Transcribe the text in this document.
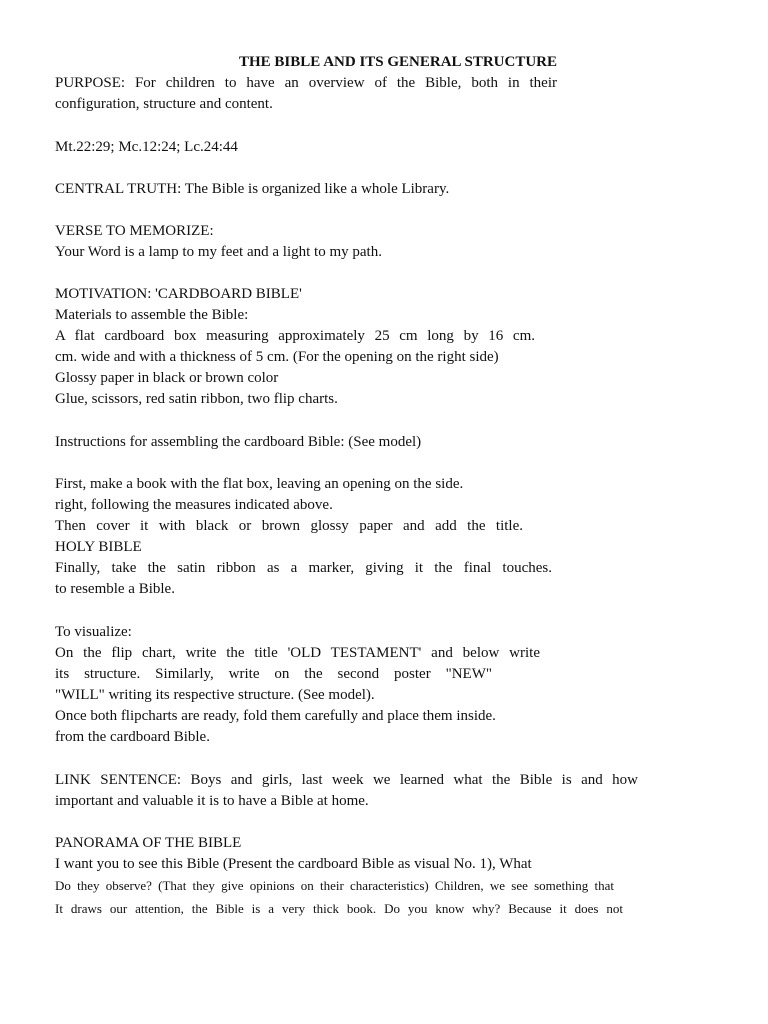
THE BIBLE AND ITS GENERAL STRUCTURE
PURPOSE: For children to have an overview of the Bible, both in their
configuration, structure and content.
Mt.22:29; Mc.12:24; Lc.24:44
CENTRAL TRUTH: The Bible is organized like a whole Library.
VERSE TO MEMORIZE:
Your Word is a lamp to my feet and a light to my path.
MOTIVATION: 'CARDBOARD BIBLE'
Materials to assemble the Bible:
A flat cardboard box measuring approximately 25 cm long by 16 cm.
cm. wide and with a thickness of 5 cm. (For the opening on the right side)
Glossy paper in black or brown color
Glue, scissors, red satin ribbon, two flip charts.
Instructions for assembling the cardboard Bible: (See model)
First, make a book with the flat box, leaving an opening on the side.
right, following the measures indicated above.
Then cover it with black or brown glossy paper and add the title.
HOLY BIBLE
Finally, take the satin ribbon as a marker, giving it the final touches.
to resemble a Bible.
To visualize:
On the flip chart, write the title 'OLD TESTAMENT' and below write
its structure. Similarly, write on the second poster "NEW"
"WILL" writing its respective structure. (See model).
Once both flipcharts are ready, fold them carefully and place them inside.
from the cardboard Bible.
LINK SENTENCE: Boys and girls, last week we learned what the Bible is and how
important and valuable it is to have a Bible at home.
PANORAMA OF THE BIBLE
I want you to see this Bible (Present the cardboard Bible as visual No. 1), What
Do they observe? (That they give opinions on their characteristics) Children, we see something that
It draws our attention, the Bible is a very thick book. Do you know why? Because it does not
